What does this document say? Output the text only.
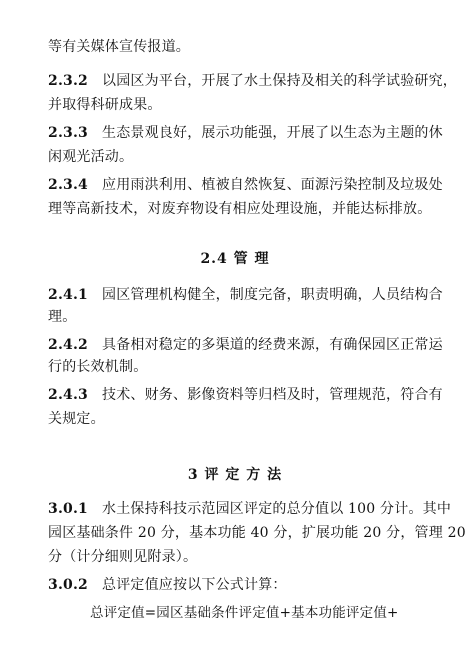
等有关媒体宣传报道。
2.3.2 以园区为平台，开展了水土保持及相关的科学试验研究，
并取得科研成果。
2.3.3 生态景观良好，展示功能强，开展了以生态为主题的休
闲观光活动。
2.3.4 应用雨洪利用、植被自然恢复、面源污染控制及垃圾处
理等高新技术，对废弃物设有相应处理设施，并能达标排放。
2.4 管 理
2.4.1 园区管理机构健全，制度完备，职责明确，人员结构合
理。
2.4.2 具备相对稳定的多渠道的经费来源，有确保园区正常运
行的长效机制。
2.4.3 技术、财务、影像资料等归档及时，管理规范，符合有
关规定。
3 评 定 方 法
3.0.1 水土保持科技示范园区评定的总分值以 100 分计。其中
园区基础条件 20 分，基本功能 40 分，扩展功能 20 分，管理 20
分（计分细则见附录）。
3.0.2 总评定值应按以下公式计算：
总评定值=园区基础条件评定值+基本功能评定值+
